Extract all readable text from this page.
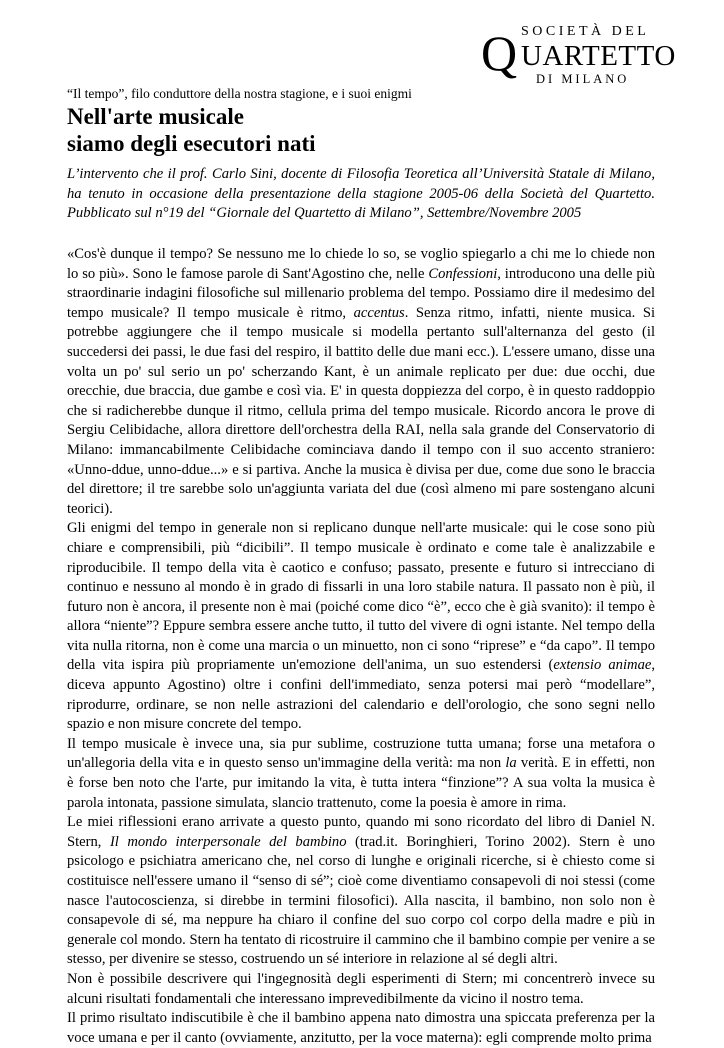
SOCIETÀ DEL
Q UARTETTO
DI MILANO
“Il tempo”, filo conduttore della nostra stagione, e i suoi enigmi
Nell'arte musicale
siamo degli esecutori nati

L’intervento che il prof. Carlo Sini, docente di Filosofia Teoretica all’Università Statale di Milano, ha tenuto in occasione della presentazione della stagione 2005-06 della Società del Quartetto. Pubblicato sul n°19 del “Giornale del Quartetto di Milano”, Settembre/Novembre 2005

«Cos'è dunque il tempo? Se nessuno me lo chiede lo so, se voglio spiegarlo a chi me lo chiede non lo so più». Sono le famose parole di Sant'Agostino che, nelle Confessioni, introducono una delle più straordinarie indagini filosofiche sul millenario problema del tempo. Possiamo dire il medesimo del tempo musicale? Il tempo musicale è ritmo, accentus. Senza ritmo, infatti, niente musica. Si potrebbe aggiungere che il tempo musicale si modella pertanto sull'alternanza del gesto (il succedersi dei passi, le due fasi del respiro, il battito delle due mani ecc.). L'essere umano, disse una volta un po' sul serio un po' scherzando Kant, è un animale replicato per due: due occhi, due orecchie, due braccia, due gambe e così via. E' in questa doppiezza del corpo, è in questo raddoppio che si radicherebbe dunque il ritmo, cellula prima del tempo musicale. Ricordo ancora le prove di Sergiu Celibidache, allora direttore dell'orchestra della RAI, nella sala grande del Conservatorio di Milano: immancabilmente Celibidache cominciava dando il tempo con il suo accento straniero: «Unno-ddue, unno-ddue...» e si partiva. Anche la musica è divisa per due, come due sono le braccia del direttore; il tre sarebbe solo un'aggiunta variata del due (così almeno mi pare sostengano alcuni teorici).

Gli enigmi del tempo in generale non si replicano dunque nell'arte musicale: qui le cose sono più chiare e comprensibili, più “dicibili”. Il tempo musicale è ordinato e come tale è analizzabile e riproducibile. Il tempo della vita è caotico e confuso; passato, presente e futuro si intrecciano di continuo e nessuno al mondo è in grado di fissarli in una loro stabile natura. Il passato non è più, il futuro non è ancora, il presente non è mai (poiché come dico “è”, ecco che è già svanito): il tempo è allora “niente”? Eppure sembra essere anche tutto, il tutto del vivere di ogni istante. Nel tempo della vita nulla ritorna, non è come una marcia o un minuetto, non ci sono “riprese” e “da capo”. Il tempo della vita ispira più propriamente un'emozione dell'anima, un suo estendersi (extensio animae, diceva appunto Agostino) oltre i confini dell'immediato, senza potersi mai però “modellare”, riprodurre, ordinare, se non nelle astrazioni del calendario e dell'orologio, che sono segni nello spazio e non misure concrete del tempo.

Il tempo musicale è invece una, sia pur sublime, costruzione tutta umana; forse una metafora o un'allegoria della vita e in questo senso un'immagine della verità: ma non la verità. E in effetti, non è forse ben noto che l'arte, pur imitando la vita, è tutta intera “finzione”? A sua volta la musica è parola intonata, passione simulata, slancio trattenuto, come la poesia è amore in rima.

Le miei riflessioni erano arrivate a questo punto, quando mi sono ricordato del libro di Daniel N. Stern, Il mondo interpersonale del bambino (trad.it. Boringhieri, Torino 2002). Stern è uno psicologo e psichiatra americano che, nel corso di lunghe e originali ricerche, si è chiesto come si costituisce nell'essere umano il “senso di sé”; cioè come diventiamo consapevoli di noi stessi (come nasce l'autocoscienza, si direbbe in termini filosofici). Alla nascita, il bambino, non solo non è consapevole di sé, ma neppure ha chiaro il confine del suo corpo col corpo della madre e più in generale col mondo. Stern ha tentato di ricostruire il cammino che il bambino compie per venire a se stesso, per divenire se stesso, costruendo un sé interiore in relazione al sé degli altri.

Non è possibile descrivere qui l'ingegnosità degli esperimenti di Stern; mi concentrerò invece su alcuni risultati fondamentali che interessano imprevedibilmente da vicino il nostro tema.

Il primo risultato indiscutibile è che il bambino appena nato dimostra una spiccata preferenza per la voce umana e per il canto (ovviamente, anzitutto, per la voce materna): egli comprende molto prima
